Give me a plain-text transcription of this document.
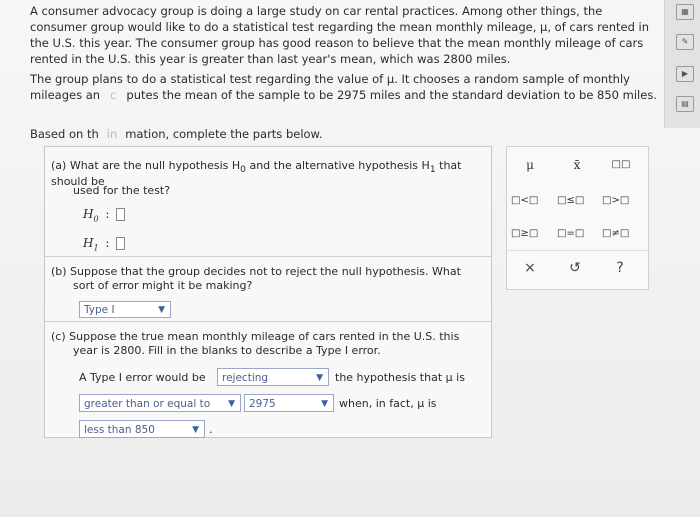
A consumer advocacy group is doing a large study on car rental practices. Among other things, the
consumer group would like to do a statistical test regarding the mean monthly mileage, μ, of cars rented in
the U.S. this year. The consumer group has good reason to believe that the mean monthly mileage of cars
rented in the U.S. this year is greater than last year's mean, which was 2800 miles.
The group plans to do a statistical test regarding the value of μ. It chooses a random sample of monthly
mileages an c putes the mean of the sample to be 2975 miles and the standard deviation to be 850 miles.
Based on th in mation, complete the parts below.
(a) What are the null hypothesis $H_0$ and the alternative hypothesis $H_1$ that should be
used for the test?
$H_0$ :
$H_1$ :
(b) Suppose that the group decides not to reject the null hypothesis. What
sort of error might it be making?
Type I	▼
(c) Suppose the true mean monthly mileage of cars rented in the U.S. this
year is 2800. Fill in the blanks to describe a Type I error.
A Type I error would be	rejecting	▼ the hypothesis that μ is
greater than or equal to ▼	2975	▼ when, in fact, μ is
less than 850	▼ .
μ	x̄	□□
□<□ □≤□ □>□
□≥□ □=□ □≠□
×	↺	?
▦
✎
▶
▤
